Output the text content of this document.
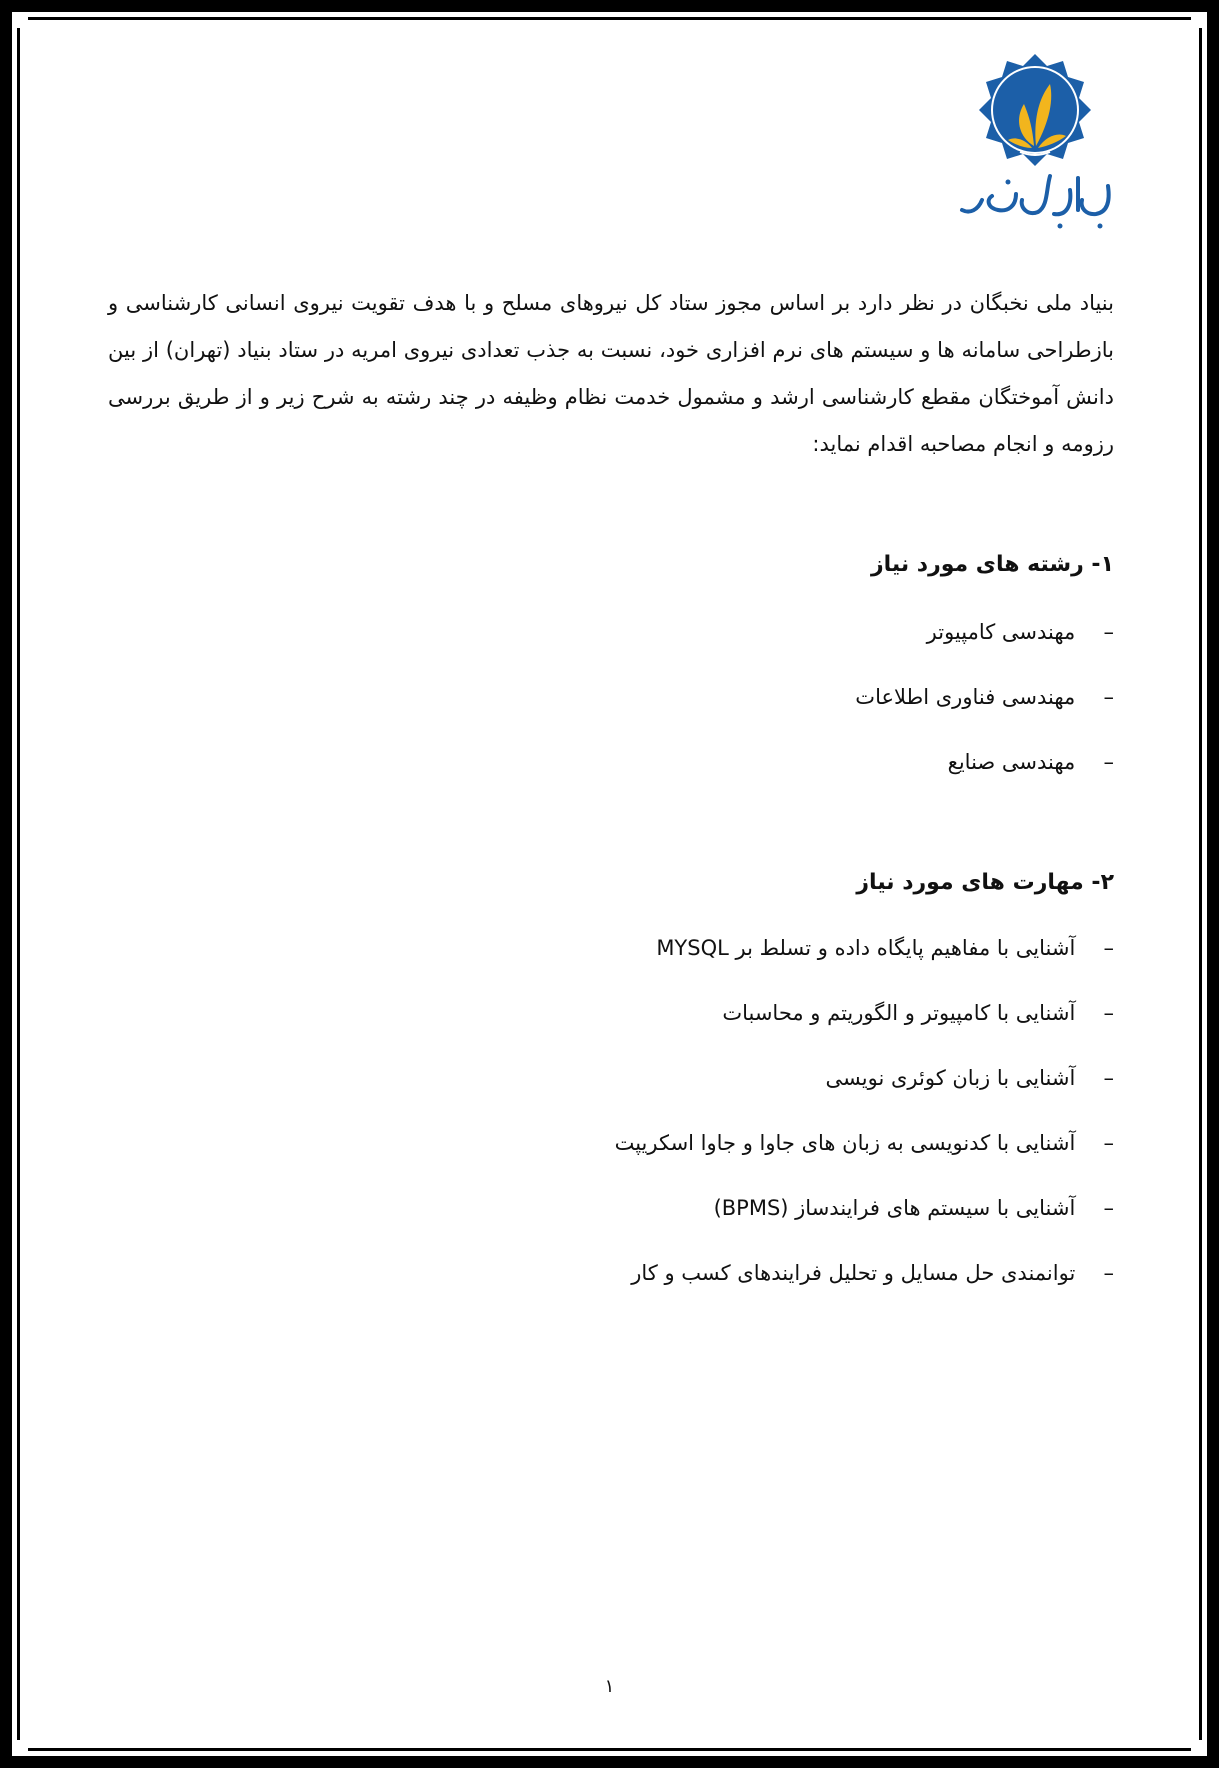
بنیاد ملی نخبگان در نظر دارد بر اساس مجوز ستاد کل نیروهای مسلح و با هدف تقویت نیروی انسانی کارشناسی و بازطراحی سامانه ها و سیستم های نرم افزاری خود، نسبت به جذب تعدادی نیروی امریه در ستاد بنیاد (تهران) از بین دانش آموختگان مقطع کارشناسی ارشد و مشمول خدمت نظام وظیفه در چند رشته به شرح زیر و از طریق بررسی رزومه و انجام مصاحبه اقدام نماید:

۱- رشته های مورد نیاز

– مهندسی کامپیوتر

– مهندسی فناوری اطلاعات

– مهندسی صنایع

۲- مهارت های مورد نیاز

– آشنایی با مفاهیم پایگاه داده و تسلط بر MYSQL

– آشنایی با کامپیوتر و الگوریتم و محاسبات

– آشنایی با زبان کوئری نویسی

– آشنایی با کدنویسی به زبان های جاوا و جاوا اسکریپت

– آشنایی با سیستم های فرایندساز (BPMS)

– توانمندی حل مسایل و تحلیل فرایندهای کسب و کار

۱
